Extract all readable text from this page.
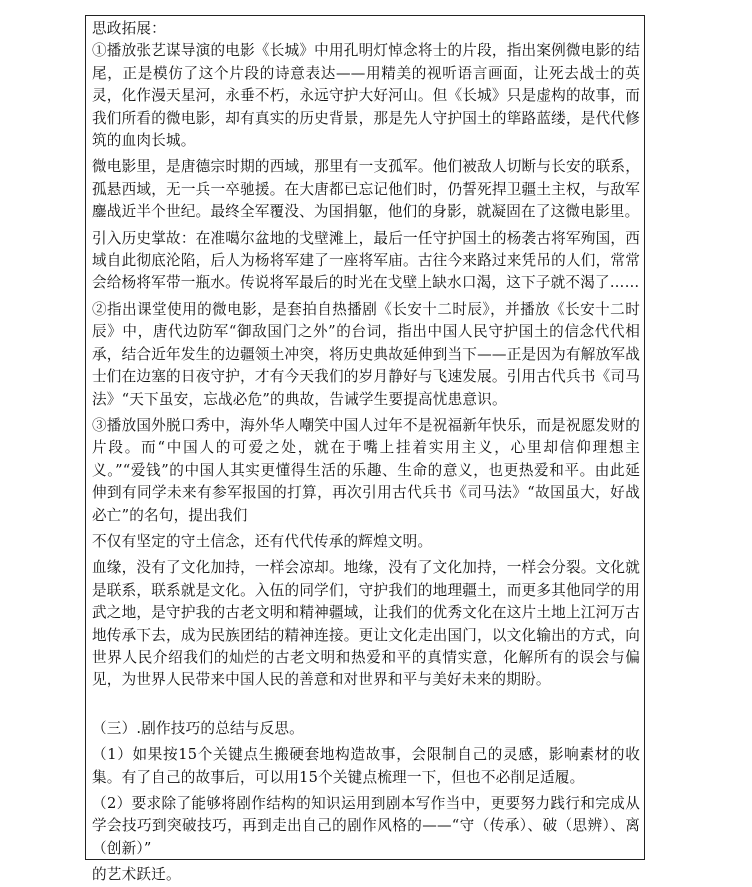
思政拓展：

①播放张艺谋导演的电影《长城》中用孔明灯悼念将士的片段，指出案例微电影的结尾，正是模仿了这个片段的诗意表达——用精美的视听语言画面，让死去战士的英灵，化作漫天星河，永垂不朽，永远守护大好河山。但《长城》只是虚构的故事，而我们所看的微电影，却有真实的历史背景，那是先人守护国土的筚路蓝缕，是代代修筑的血肉长城。

微电影里，是唐德宗时期的西域，那里有一支孤军。他们被敌人切断与长安的联系，孤悬西域，无一兵一卒驰援。在大唐都已忘记他们时，仍誓死捍卫疆土主权，与敌军鏖战近半个世纪。最终全军覆没、为国捐躯，他们的身影，就凝固在了这微电影里。

引入历史掌故：在准噶尔盆地的戈壁滩上，最后一任守护国土的杨袭古将军殉国，西域自此彻底沦陷，后人为杨将军建了一座将军庙。古往今来路过来凭吊的人们，常常会给杨将军带一瓶水。传说将军最后的时光在戈壁上缺水口渴，这下子就不渴了……

②指出课堂使用的微电影，是套拍自热播剧《长安十二时辰》，并播放《长安十二时辰》中，唐代边防军“御敌国门之外”的台词，指出中国人民守护国土的信念代代相承，结合近年发生的边疆领土冲突，将历史典故延伸到当下——正是因为有解放军战士们在边塞的日夜守护，才有今天我们的岁月静好与飞速发展。引用古代兵书《司马法》“天下虽安，忘战必危”的典故，告诫学生要提高忧患意识。

③播放国外脱口秀中，海外华人嘲笑中国人过年不是祝福新年快乐，而是祝愿发财的片段。而“中国人的可爱之处，就在于嘴上挂着实用主义，心里却信仰理想主义。”“爱钱”的中国人其实更懂得生活的乐趣、生命的意义，也更热爱和平。由此延伸到有同学未来有参军报国的打算，再次引用古代兵书《司马法》“故国虽大，好战必亡”的名句，提出我们

不仅有坚定的守土信念，还有代代传承的辉煌文明。

血缘，没有了文化加持，一样会凉却。地缘，没有了文化加持，一样会分裂。文化就是联系，联系就是文化。入伍的同学们，守护我们的地理疆土，而更多其他同学的用武之地，是守护我的古老文明和精神疆域，让我们的优秀文化在这片土地上江河万古地传承下去，成为民族团结的精神连接。更让文化走出国门，以文化输出的方式，向世界人民介绍我们的灿烂的古老文明和热爱和平的真情实意，化解所有的误会与偏见，为世界人民带来中国人民的善意和对世界和平与美好未来的期盼。

（三）.剧作技巧的总结与反思。

（1）如果按15个关键点生搬硬套地构造故事，会限制自己的灵感，影响素材的收集。有了自己的故事后，可以用15个关键点梳理一下，但也不必削足适履。

（2）要求除了能够将剧作结构的知识运用到剧本写作当中，更要努力践行和完成从学会技巧到突破技巧，再到走出自己的剧作风格的——“守（传承）、破（思辨）、离（创新）”

的艺术跃迁。
